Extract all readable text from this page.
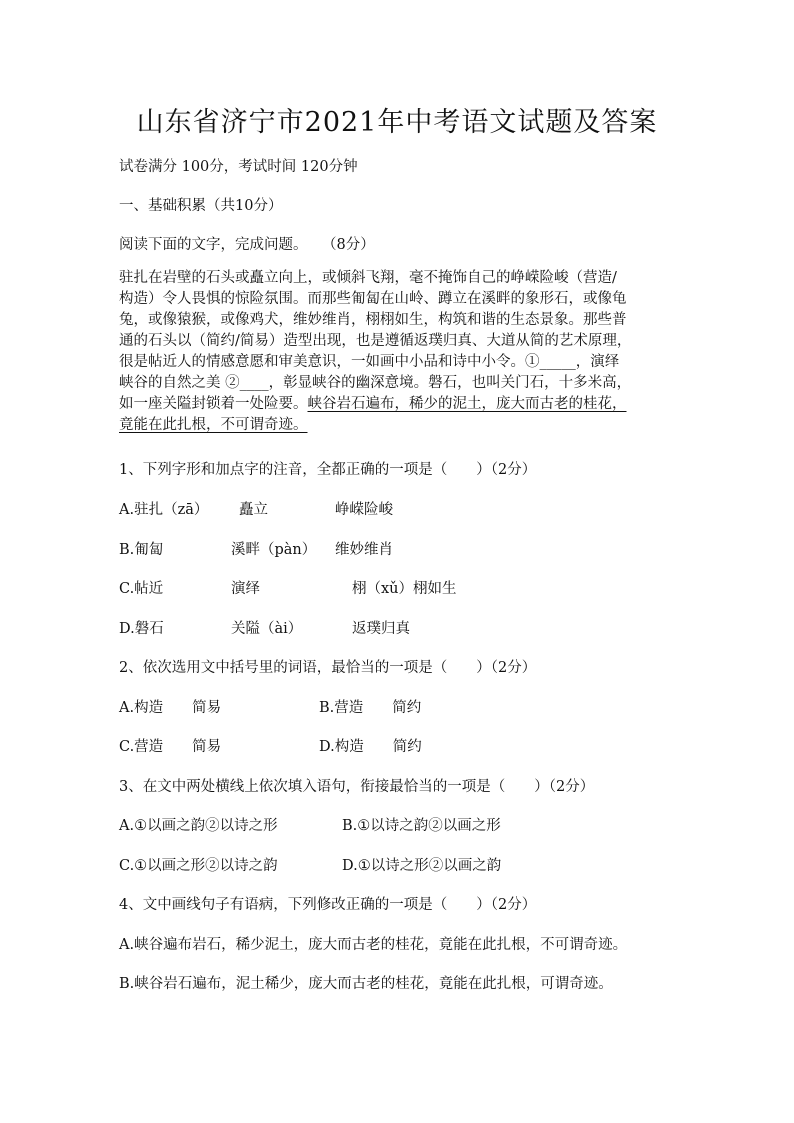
山东省济宁市2021年中考语文试题及答案
试卷满分 100分，考试时间 120分钟
一、基础积累（共10分）
阅读下面的文字，完成问题。　　（8分）
驻扎在岩壁的石头或矗立向上，或倾斜飞翔，毫不掩饰自己的峥嵘险峻（营造/
构造）令人畏惧的惊险氛围。而那些匍匐在山岭、蹲立在溪畔的象形石，或像龟
兔，或像猿猴，或像鸡犬，维妙维肖，栩栩如生，构筑和谐的生态景象。那些普
通的石头以（简约/简易）造型出现，也是遵循返璞归真、大道从简的艺术原理，
很是帖近人的情感意愿和审美意识，一如画中小品和诗中小令。①_____，演绎
峡谷的自然之美 ②____，彰显峡谷的幽深意境。磐石，也叫关门石，十多米高，
如一座关隘封锁着一处险要。峡谷岩石遍布，稀少的泥土，庞大而古老的桂花，
竟能在此扎根，不可谓奇迹。
1、下列字形和加点字的注音，全都正确的一项是（　　）（2分）
A.驻扎（zā） 矗立	峥嵘险峻
B.匍匐	溪畔（pàn） 维妙维肖
C.帖近	演绎	栩（xǔ）栩如生
D.磐石	关隘（ài）	返璞归真
2、依次选用文中括号里的词语，最恰当的一项是（　　）（2分）
A.构造　　简易	B.营造　　简约
C.营造　　简易	D.构造　　简约
3、在文中两处横线上依次填入语句，衔接最恰当的一项是（　　）（2分）
A.①以画之韵②以诗之形	B.①以诗之韵②以画之形
C.①以画之形②以诗之韵	D.①以诗之形②以画之韵
4、文中画线句子有语病，下列修改正确的一项是（　　）（2分）
A.峡谷遍布岩石，稀少泥土，庞大而古老的桂花，竟能在此扎根，不可谓奇迹。
B.峡谷岩石遍布，泥土稀少，庞大而古老的桂花，竟能在此扎根，可谓奇迹。
